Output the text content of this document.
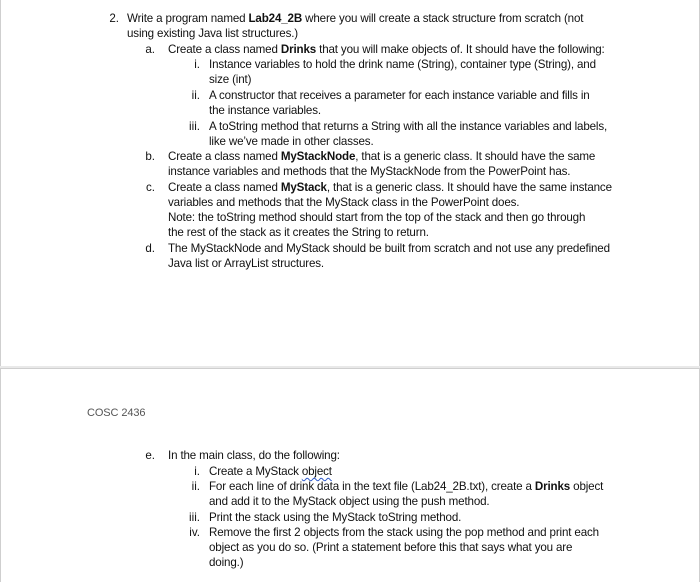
2. Write a program named Lab24_2B where you will create a stack structure from scratch (not

using existing Java list structures.)

a. Create a class named Drinks that you will make objects of. It should have the following:

i. Instance variables to hold the drink name (String), container type (String), and

size (int)

ii. A constructor that receives a parameter for each instance variable and fills in

the instance variables.

iii. A toString method that returns a String with all the instance variables and labels,

like we’ve made in other classes.

b. Create a class named MyStackNode, that is a generic class. It should have the same

instance variables and methods that the MyStackNode from the PowerPoint has.

c. Create a class named MyStack, that is a generic class. It should have the same instance

variables and methods that the MyStack class in the PowerPoint does.

Note: the toString method should start from the top of the stack and then go through

the rest of the stack as it creates the String to return.

d. The MyStackNode and MyStack should be built from scratch and not use any predefined

Java list or ArrayList structures.

COSC 2436

e. In the main class, do the following:

i. Create a MyStack object

ii. For each line of drink data in the text file (Lab24_2B.txt), create a Drinks object

and add it to the MyStack object using the push method.

iii. Print the stack using the MyStack toString method.

iv. Remove the first 2 objects from the stack using the pop method and print each

object as you do so. (Print a statement before this that says what you are

doing.)
